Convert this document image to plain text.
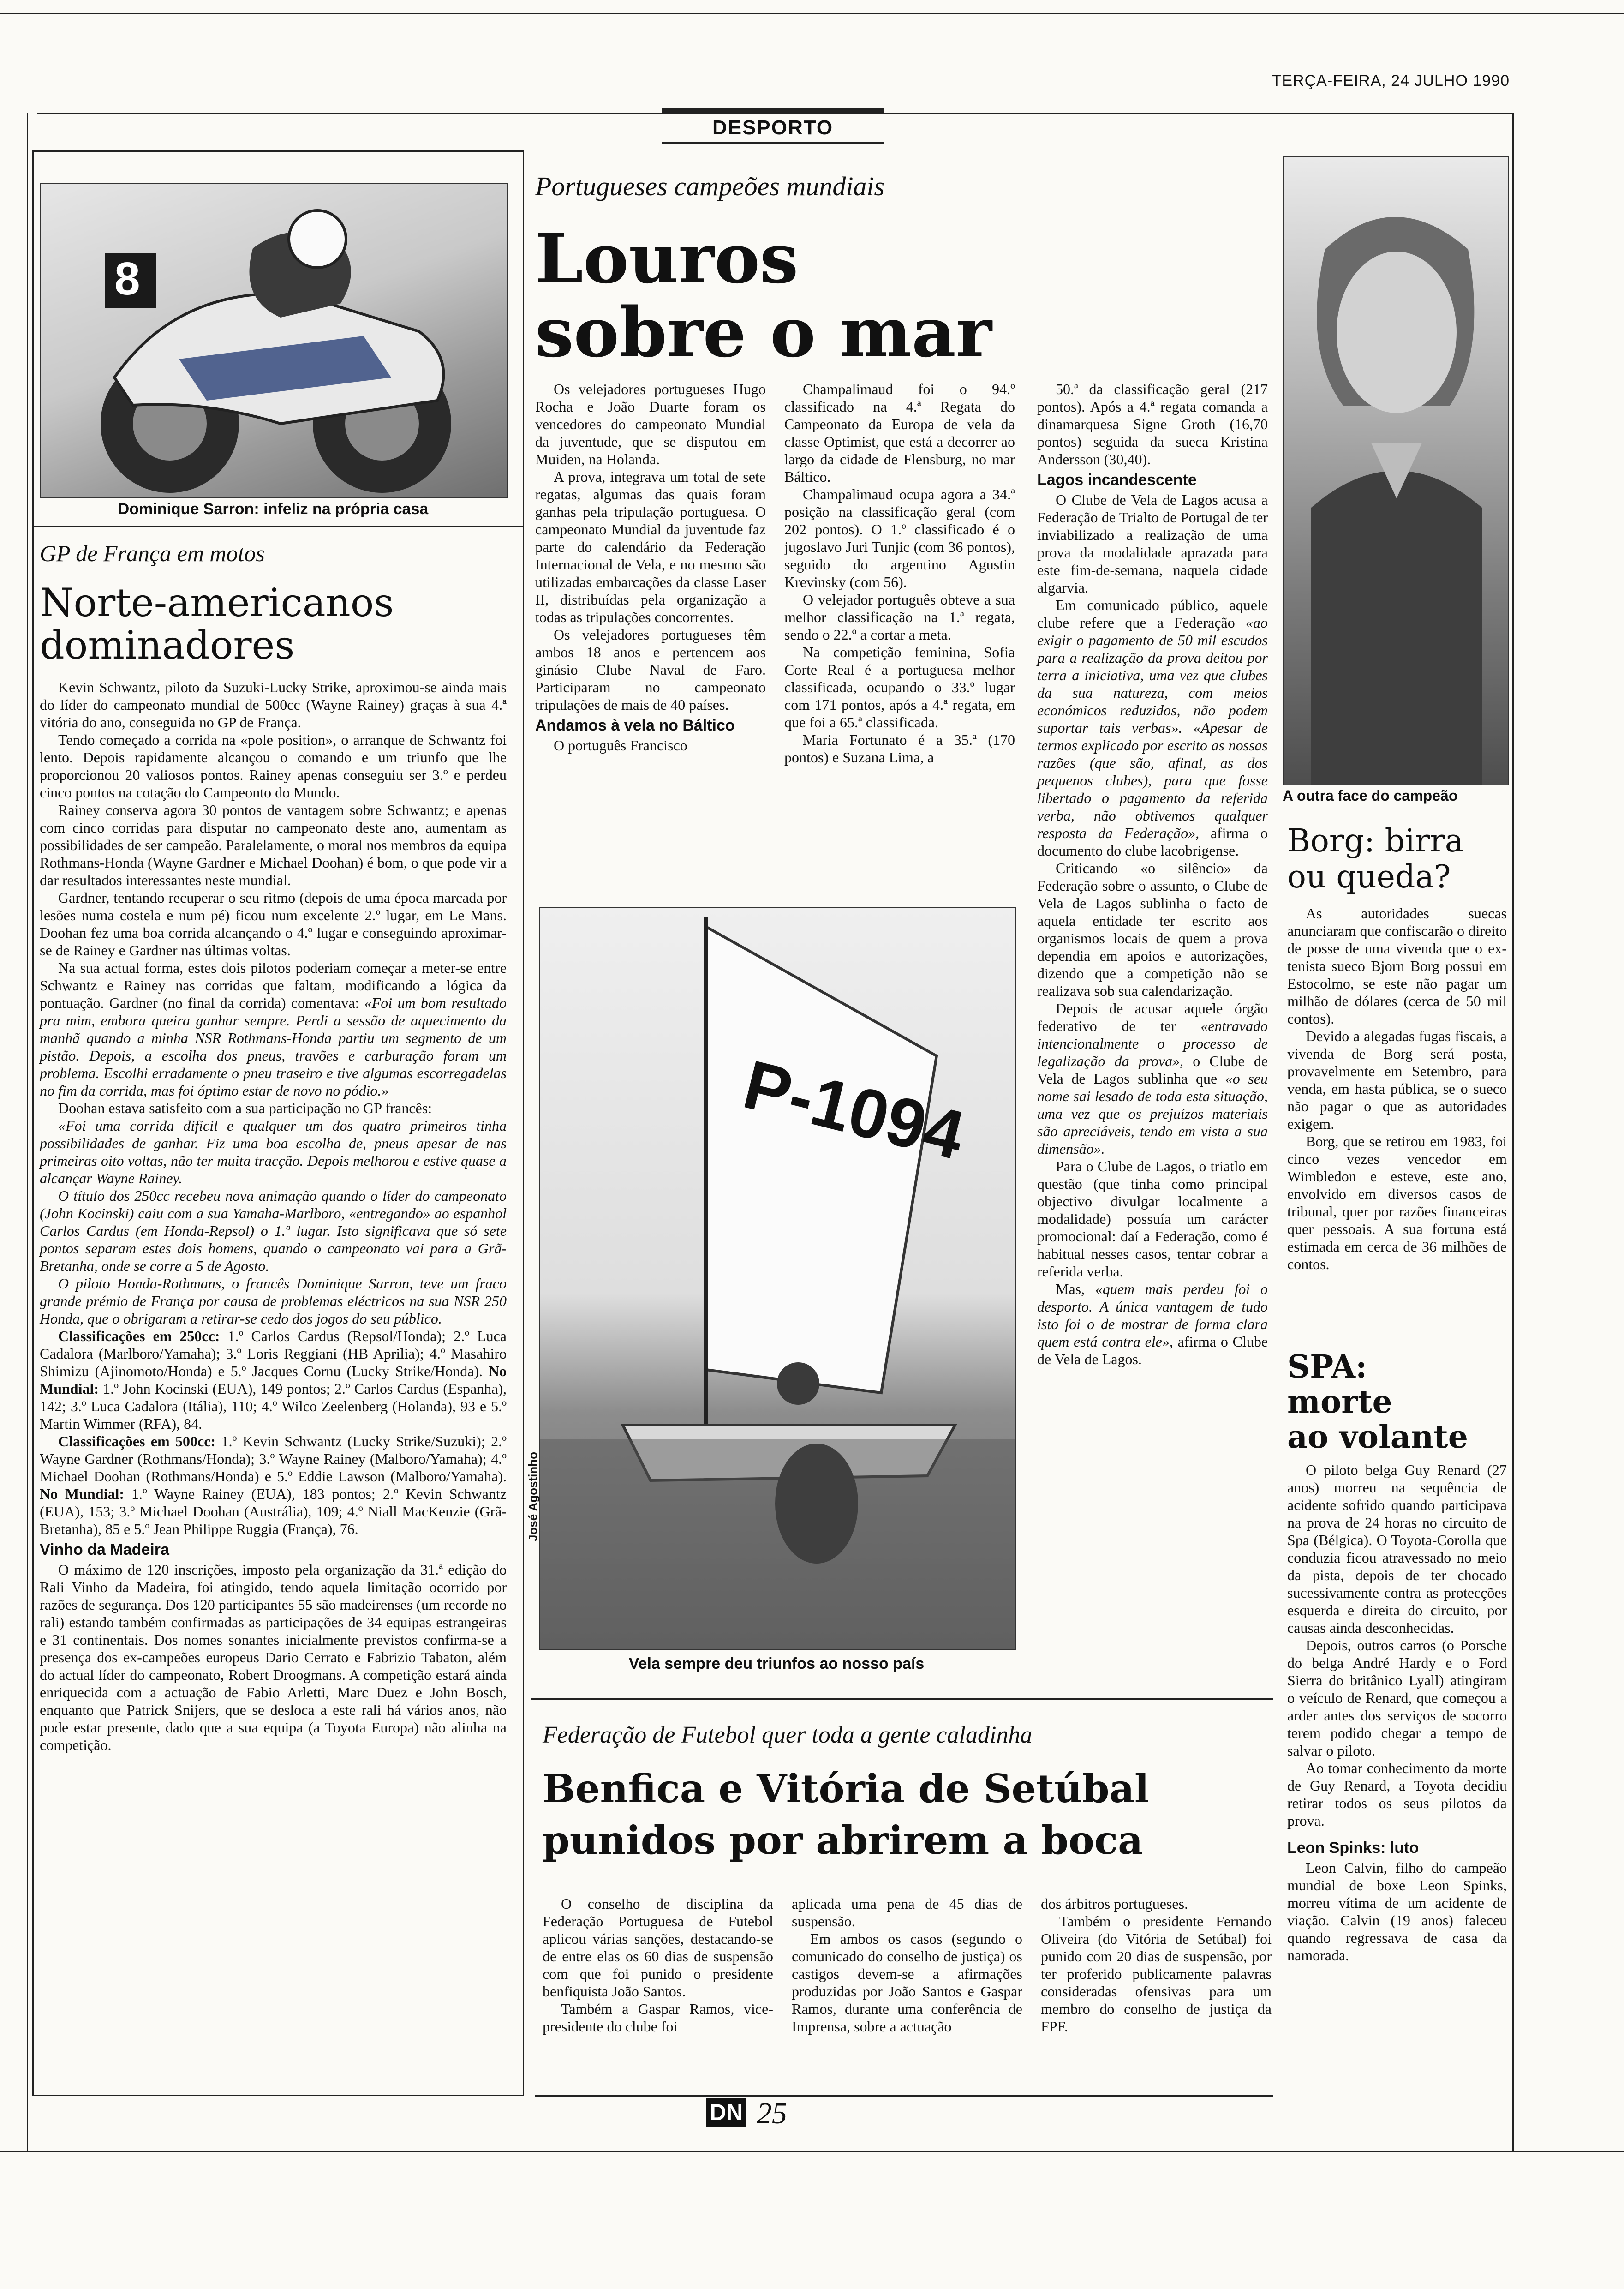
TERÇA-FEIRA, 24 JULHO 1990
DESPORTO
8
Dominique Sarron: infeliz na própria casa
GP de França em motos
Norte-americanos
dominadores

Kevin Schwantz, piloto da Suzuki-Lucky Strike, aproximou-se ainda mais do líder do campeonato mundial de 500cc (Wayne Rainey) graças à sua 4.ª vitória do ano, conseguida no GP de França.

Tendo começado a corrida na «pole position», o arranque de Schwantz foi lento. Depois rapidamente alcançou o comando e um triunfo que lhe proporcionou 20 valiosos pontos. Rainey apenas conseguiu ser 3.º e perdeu cinco pontos na cotação do Campeonto do Mundo.

Rainey conserva agora 30 pontos de vantagem sobre Schwantz; e apenas com cinco corridas para disputar no campeonato deste ano, aumentam as possibilidades de ser campeão. Paralelamente, o moral nos membros da equipa Rothmans-Honda (Wayne Gardner e Michael Doohan) é bom, o que pode vir a dar resultados interessantes neste mundial.

Gardner, tentando recuperar o seu ritmo (depois de uma época marcada por lesões numa costela e num pé) ficou num excelente 2.º lugar, em Le Mans. Doohan fez uma boa corrida alcançando o 4.º lugar e conseguindo aproximar-se de Rainey e Gardner nas últimas voltas.

Na sua actual forma, estes dois pilotos poderiam começar a meter-se entre Schwantz e Rainey nas corridas que faltam, modificando a lógica da pontuação. Gardner (no final da corrida) comentava: «Foi um bom resultado pra mim, embora queira ganhar sempre. Perdi a sessão de aquecimento da manhã quando a minha NSR Rothmans-Honda partiu um segmento de um pistão. Depois, a escolha dos pneus, travões e carburação foram um problema. Escolhi erradamente o pneu traseiro e tive algumas escorregadelas no fim da corrida, mas foi óptimo estar de novo no pódio.»

Doohan estava satisfeito com a sua participação no GP francês:

«Foi uma corrida difícil e qualquer um dos quatro primeiros tinha possibilidades de ganhar. Fiz uma boa escolha de, pneus apesar de nas primeiras oito voltas, não ter muita tracção. Depois melhorou e estive quase a alcançar Wayne Rainey.

O título dos 250cc recebeu nova animação quando o líder do campeonato (John Kocinski) caiu com a sua Yamaha-Marlboro, «entregando» ao espanhol Carlos Cardus (em Honda-Repsol) o 1.º lugar. Isto significava que só sete pontos separam estes dois homens, quando o campeonato vai para a Grã-Bretanha, onde se corre a 5 de Agosto.

O piloto Honda-Rothmans, o francês Dominique Sarron, teve um fraco grande prémio de França por causa de problemas eléctricos na sua NSR 250 Honda, que o obrigaram a retirar-se cedo dos jogos do seu público.

Classificações em 250cc: 1.º Carlos Cardus (Repsol/Honda); 2.º Luca Cadalora (Marlboro/Yamaha); 3.º Loris Reggiani (HB Aprilia); 4.º Masahiro Shimizu (Ajinomoto/Honda) e 5.º Jacques Cornu (Lucky Strike/Honda). No Mundial: 1.º John Kocinski (EUA), 149 pontos; 2.º Carlos Cardus (Espanha), 142; 3.º Luca Cadalora (Itália), 110; 4.º Wilco Zeelenberg (Holanda), 93 e 5.º Martin Wimmer (RFA), 84.

Classificações em 500cc: 1.º Kevin Schwantz (Lucky Strike/Suzuki); 2.º Wayne Gardner (Rothmans/Honda); 3.º Wayne Rainey (Malboro/Yamaha); 4.º Michael Doohan (Rothmans/Honda) e 5.º Eddie Lawson (Malboro/Yamaha). No Mundial: 1.º Wayne Rainey (EUA), 183 pontos; 2.º Kevin Schwantz (EUA), 153; 3.º Michael Doohan (Austrália), 109; 4.º Niall MacKenzie (Grã-Bretanha), 85 e 5.º Jean Philippe Ruggia (França), 76.

Vinho da Madeira

O máximo de 120 inscrições, imposto pela organização da 31.ª edição do Rali Vinho da Madeira, foi atingido, tendo aquela limitação ocorrido por razões de segurança. Dos 120 participantes 55 são madeirenses (um recorde no rali) estando também confirmadas as participações de 34 equipas estrangeiras e 31 continentais. Dos nomes sonantes inicialmente previstos confirma-se a presença dos ex-campeões europeus Dario Cerrato e Fabrizio Tabaton, além do actual líder do campeonato, Robert Droogmans. A competição estará ainda enriquecida com a actuação de Fabio Arletti, Marc Duez e John Bosch, enquanto que Patrick Snijers, que se desloca a este rali há vários anos, não pode estar presente, dado que a sua equipa (a Toyota Europa) não alinha na competição.

Portugueses campeões mundiais
Louros
sobre o mar

Os velejadores portugueses Hugo Rocha e João Duarte foram os vencedores do campeonato Mundial da juventude, que se disputou em Muiden, na Holanda.

A prova, integrava um total de sete regatas, algumas das quais foram ganhas pela tripulação portuguesa. O campeonato Mundial da juventude faz parte do calendário da Federação Internacional de Vela, e no mesmo são utilizadas embarcações da classe Laser II, distribuídas pela organização a todas as tripulações concorrentes.

Os velejadores portugueses têm ambos 18 anos e pertencem aos ginásio Clube Naval de Faro. Participaram no campeonato tripulações de mais de 40 países.

Andamos à vela no Báltico

O português Francisco

Champalimaud foi o 94.º classificado na 4.ª Regata do Campeonato da Europa de vela da classe Optimist, que está a decorrer ao largo da cidade de Flensburg, no mar Báltico.

Champalimaud ocupa agora a 34.ª posição na classificação geral (com 202 pontos). O 1.º classificado é o jugoslavo Juri Tunjic (com 36 pontos), seguido do argentino Agustin Krevinsky (com 56).

O velejador português obteve a sua melhor classificação na 1.ª regata, sendo o 22.º a cortar a meta.

Na competição feminina, Sofia Corte Real é a portuguesa melhor classificada, ocupando o 33.º lugar com 171 pontos, após a 4.ª regata, em que foi a 65.ª classificada.

Maria Fortunato é a 35.ª (170 pontos) e Suzana Lima, a

50.ª da classificação geral (217 pontos). Após a 4.ª regata comanda a dinamarquesa Signe Groth (16,70 pontos) seguida da sueca Kristina Andersson (30,40).

Lagos incandescente

O Clube de Vela de Lagos acusa a Federação de Trialto de Portugal de ter inviabilizado a realização de uma prova da modalidade aprazada para este fim-de-semana, naquela cidade algarvia.

Em comunicado público, aquele clube refere que a Federação «ao exigir o pagamento de 50 mil escudos para a realização da prova deitou por terra a iniciativa, uma vez que clubes da sua natureza, com meios económicos reduzidos, não podem suportar tais verbas». «Apesar de termos explicado por escrito as nossas razões (que são, afinal, as dos pequenos clubes), para que fosse libertado o pagamento da referida verba, não obtivemos qualquer resposta da Federação», afirma o documento do clube lacobrigense.

Criticando «o silêncio» da Federação sobre o assunto, o Clube de Vela de Lagos sublinha o facto de aquela entidade ter escrito aos organismos locais de quem a prova dependia em apoios e autorizações, dizendo que a competição não se realizava sob sua calendarização.

Depois de acusar aquele órgão federativo de ter «entravado intencionalmente o processo de legalização da prova», o Clube de Vela de Lagos sublinha que «o seu nome sai lesado de toda esta situação, uma vez que os prejuízos materiais são apreciáveis, tendo em vista a sua dimensão».

Para o Clube de Lagos, o triatlo em questão (que tinha como principal objectivo divulgar localmente a modalidade) possuía um carácter promocional: daí a Federação, como é habitual nesses casos, tentar cobrar a referida verba.

Mas, «quem mais perdeu foi o desporto. A única vantagem de tudo isto foi o de mostrar de forma clara quem está contra ele», afirma o Clube de Vela de Lagos.

P-1094
José Agostinho
Vela sempre deu triunfos ao nosso país
A outra face do campeão
Borg: birra
ou queda?

As autoridades suecas anunciaram que confiscarão o direito de posse de uma vivenda que o ex-tenista sueco Bjorn Borg possui em Estocolmo, se este não pagar um milhão de dólares (cerca de 50 mil contos).

Devido a alegadas fugas fiscais, a vivenda de Borg será posta, provavelmente em Setembro, para venda, em hasta pública, se o sueco não pagar o que as autoridades exigem.

Borg, que se retirou em 1983, foi cinco vezes vencedor em Wimbledon e esteve, este ano, envolvido em diversos casos de tribunal, quer por razões financeiras quer pessoais. A sua fortuna está estimada em cerca de 36 milhões de contos.

SPA:
morte
ao volante

O piloto belga Guy Renard (27 anos) morreu na sequência de acidente sofrido quando participava na prova de 24 horas no circuito de Spa (Bélgica). O Toyota-Corolla que conduzia ficou atravessado no meio da pista, depois de ter chocado sucessivamente contra as protecções esquerda e direita do circuito, por causas ainda desconhecidas.

Depois, outros carros (o Porsche do belga André Hardy e o Ford Sierra do britânico Lyall) atingiram o veículo de Renard, que começou a arder antes dos serviços de socorro terem podido chegar a tempo de salvar o piloto.

Ao tomar conhecimento da morte de Guy Renard, a Toyota decidiu retirar todos os seus pilotos da prova.

Leon Spinks: luto

Leon Calvin, filho do campeão mundial de boxe Leon Spinks, morreu vítima de um acidente de viação. Calvin (19 anos) faleceu quando regressava de casa da namorada.

Federação de Futebol quer toda a gente caladinha
Benfica e Vitória de Setúbal
punidos por abrirem a boca

O conselho de disciplina da Federação Portuguesa de Futebol aplicou várias sanções, destacando-se de entre elas os 60 dias de suspensão com que foi punido o presidente benfiquista João Santos.

Também a Gaspar Ramos, vice-presidente do clube foi

aplicada uma pena de 45 dias de suspensão.

Em ambos os casos (segundo o comunicado do conselho de justiça) os castigos devem-se a afirmações produzidas por João Santos e Gaspar Ramos, durante uma conferência de Imprensa, sobre a actuação

dos árbitros portugueses.

Também o presidente Fernando Oliveira (do Vitória de Setúbal) foi punido com 20 dias de suspensão, por ter proferido publicamente palavras consideradas ofensivas para um membro do conselho de justiça da FPF.

DN 25
